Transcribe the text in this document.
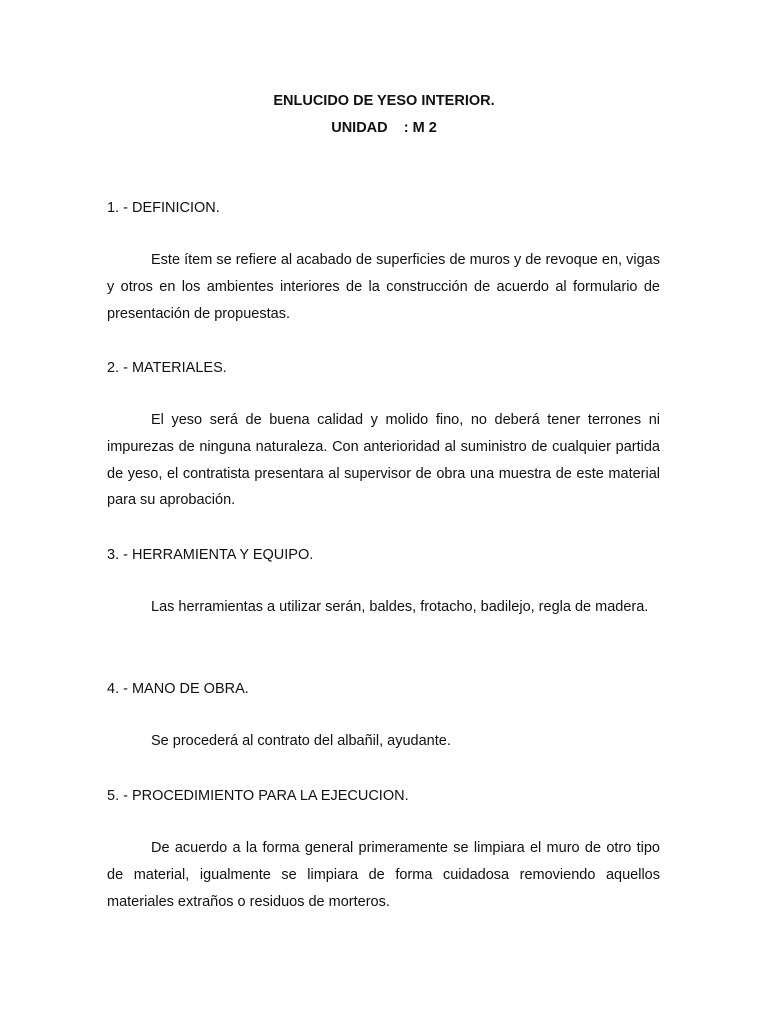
ENLUCIDO DE YESO INTERIOR.
UNIDAD    : M 2
1. - DEFINICION.
Este ítem se refiere al acabado de superficies de muros y de revoque en, vigas y otros en los ambientes interiores de la construcción de acuerdo al formulario de presentación de propuestas.
2. - MATERIALES.
El yeso será de buena calidad y molido fino, no deberá tener terrones ni impurezas de ninguna naturaleza. Con anterioridad al suministro de cualquier partida de yeso, el contratista presentara al supervisor de obra una muestra de este material para su aprobación.
3. - HERRAMIENTA Y EQUIPO.
Las herramientas a utilizar serán, baldes, frotacho, badilejo, regla de madera.
4. - MANO DE OBRA.
Se procederá al contrato del albañil, ayudante.
5. - PROCEDIMIENTO PARA LA EJECUCION.
De acuerdo a la forma general primeramente se limpiara el muro de otro tipo de material, igualmente se limpiara de forma cuidadosa removiendo aquellos materiales extraños o residuos de morteros.
